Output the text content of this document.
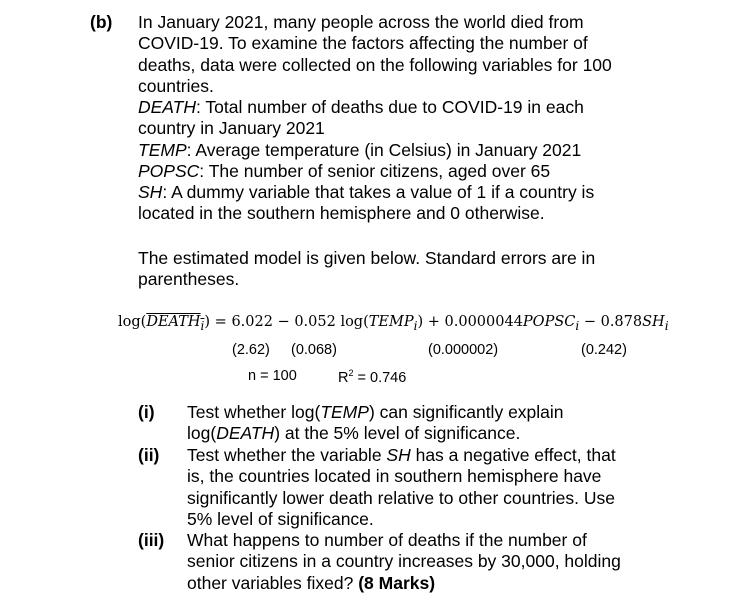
(b) In January 2021, many people across the world died from
COVID-19. To examine the factors affecting the number of
deaths, data were collected on the following variables for 100
countries.
DEATH: Total number of deaths due to COVID-19 in each
country in January 2021
TEMP: Average temperature (in Celsius) in January 2021
POPSC: The number of senior citizens, aged over 65
SH: A dummy variable that takes a value of 1 if a country is
located in the southern hemisphere and 0 otherwise.
The estimated model is given below. Standard errors are in
parentheses.
$\log(DEATH_i) = 6.022 - 0.052$ $\log(TEMP_i)$ + $0.0000044POPSC_i - 0.878SH_i$
(2.62) (0.068)	(0.000002)	(0.242)
n = 100	$R^2 = 0.746$
(i) Test whether log(TEMP) can significantly explain
log(DEATH) at the 5% level of significance.
(ii) Test whether the variable SH has a negative effect, that
is, the countries located in southern hemisphere have
significantly lower death relative to other countries. Use
5% level of significance.
(iii) What happens to number of deaths if the number of
senior citizens in a country increases by 30,000, holding
other variables fixed? (8 Marks)
